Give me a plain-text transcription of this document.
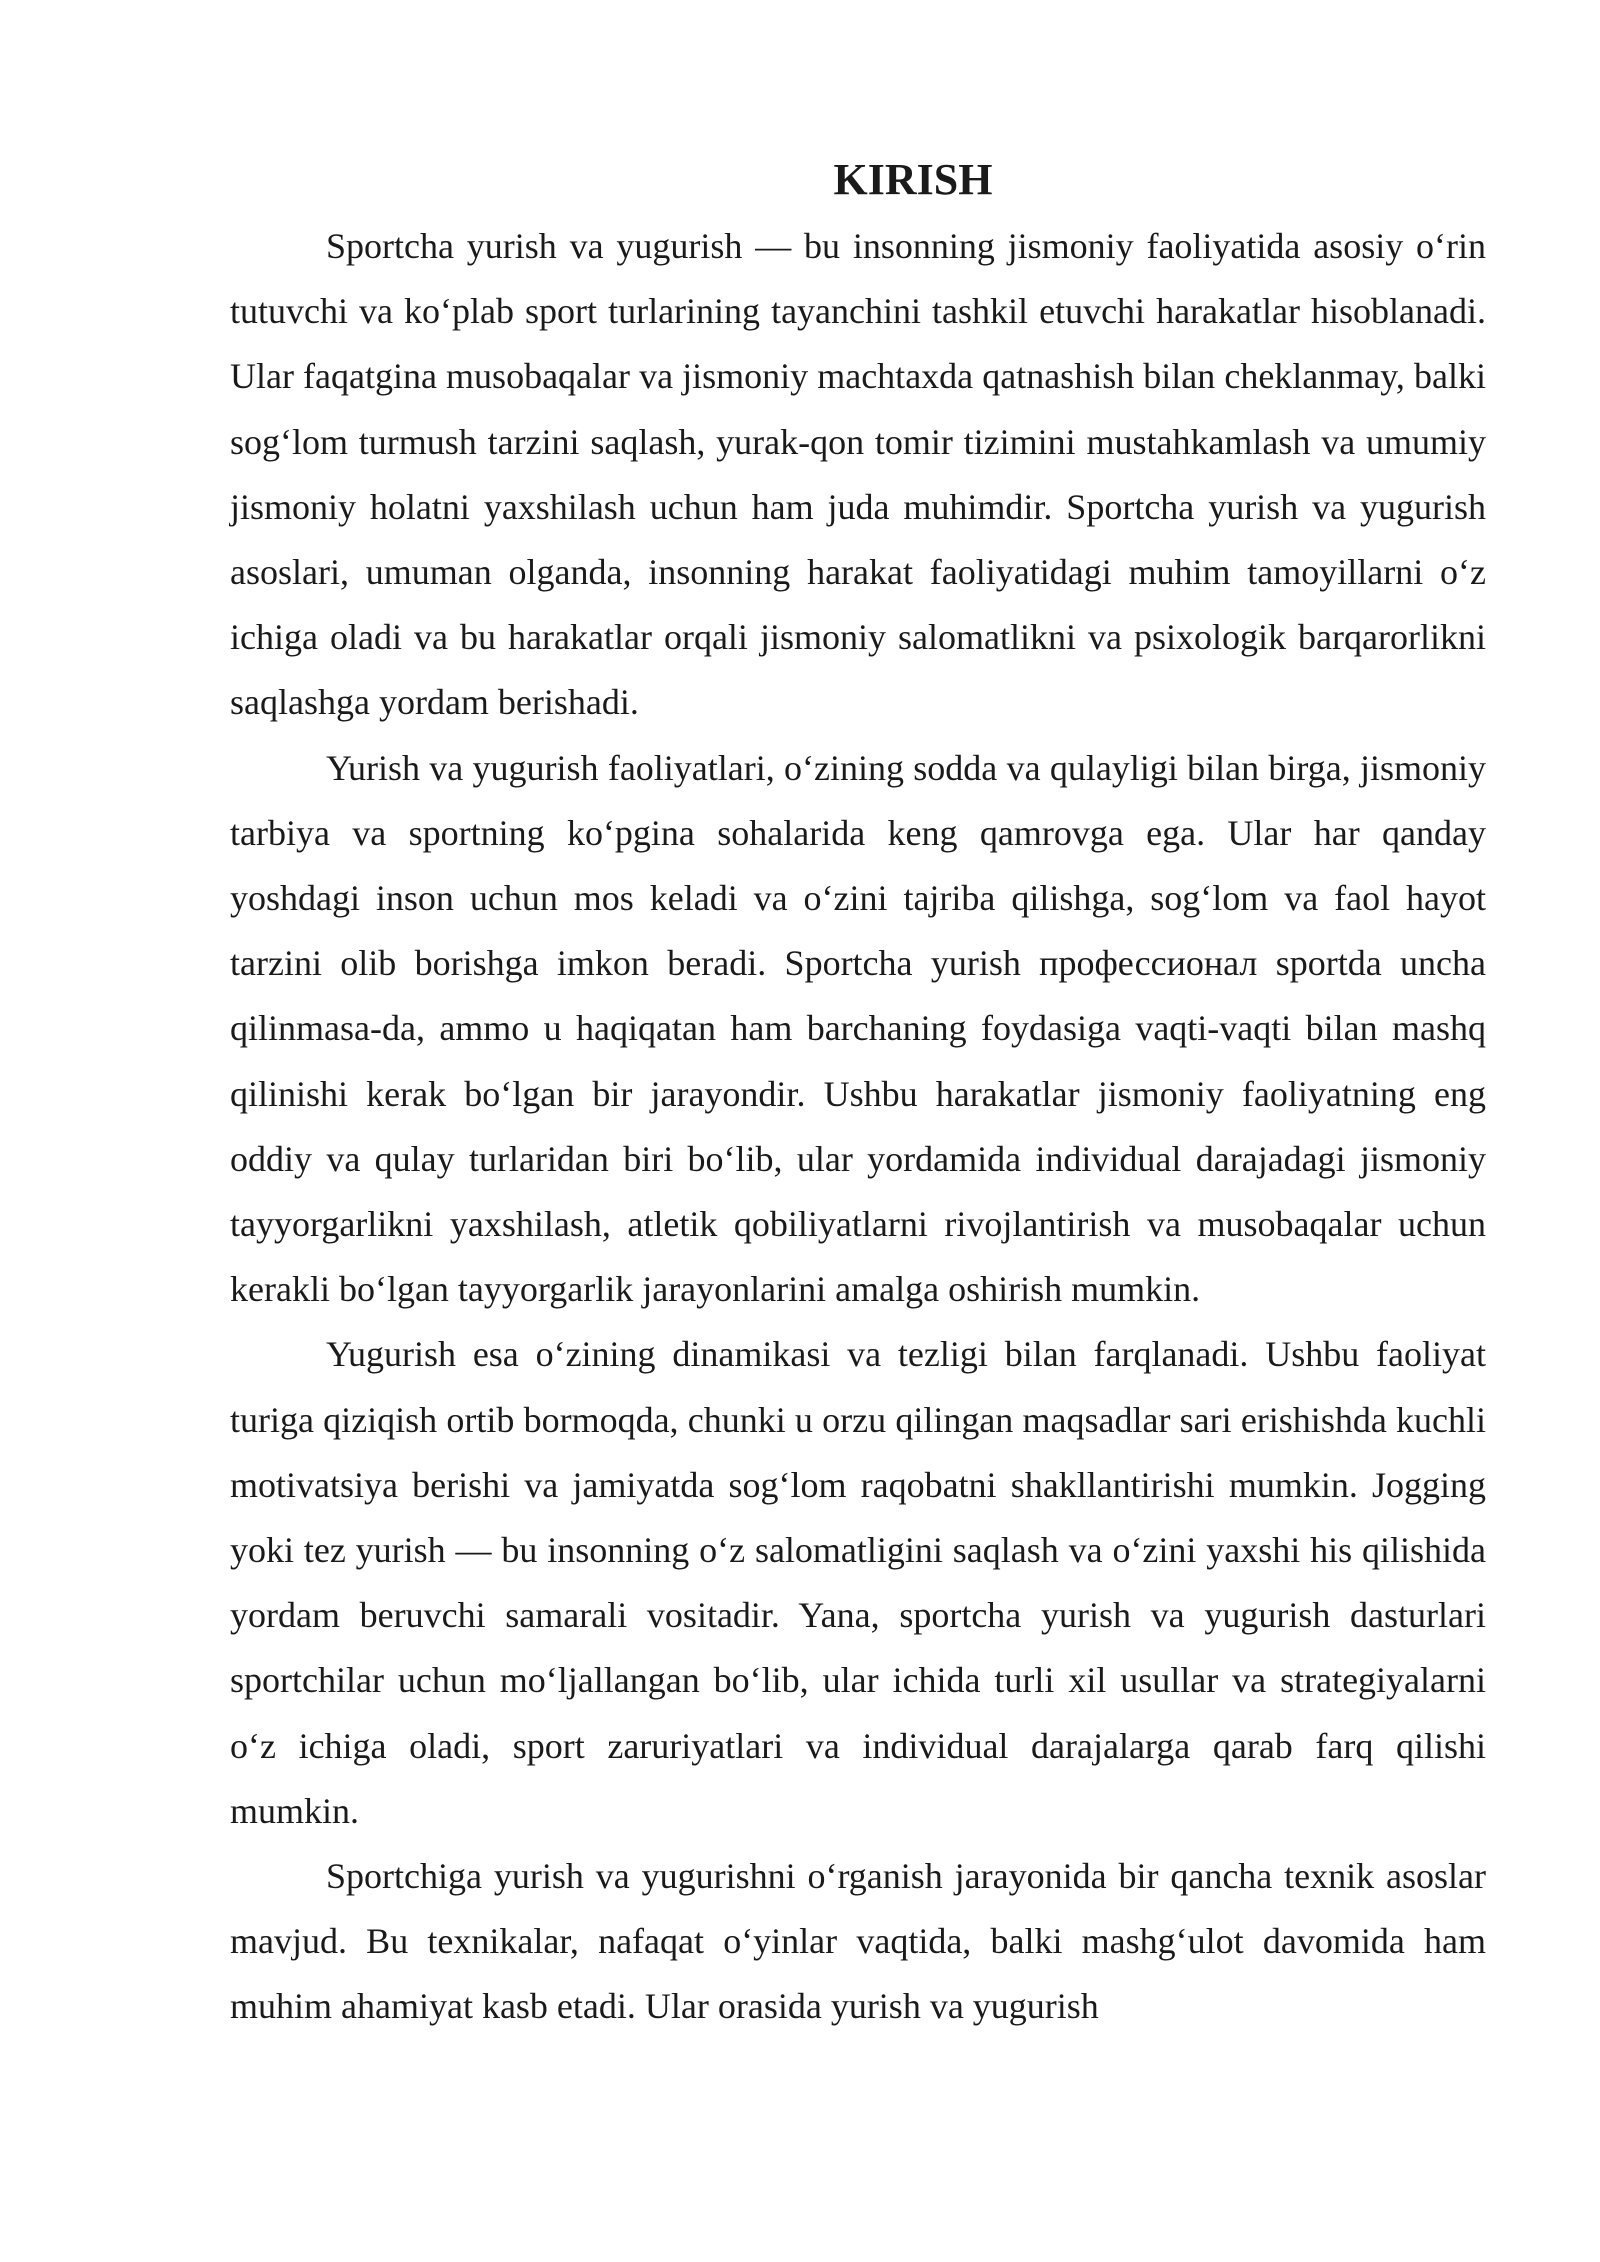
KIRISH

Sportcha yurish va yugurish — bu insonning jismoniy faoliyatida asosiy o‘rin tutuvchi va ko‘plab sport turlarining tayanchini tashkil etuvchi harakatlar hisoblanadi. Ular faqatgina musobaqalar va jismoniy machtaxda qatnashish bilan cheklanmay, balki sog‘lom turmush tarzini saqlash, yurak-qon tomir tizimini mustahkamlash va umumiy jismoniy holatni yaxshilash uchun ham juda muhimdir. Sportcha yurish va yugurish asoslari, umuman olganda, insonning harakat faoliyatidagi muhim tamoyillarni o‘z ichiga oladi va bu harakatlar orqali jismoniy salomatlikni va psixologik barqarorlikni saqlashga yordam berishadi.

Yurish va yugurish faoliyatlari, o‘zining sodda va qulayligi bilan birga, jismoniy tarbiya va sportning ko‘pgina sohalarida keng qamrovga ega. Ular har qanday yoshdagi inson uchun mos keladi va o‘zini tajriba qilishga, sog‘lom va faol hayot tarzini olib borishga imkon beradi. Sportcha yurish профессионал sportda uncha qilinmasa-da, ammo u haqiqatan ham barchaning foydasiga vaqti-vaqti bilan mashq qilinishi kerak bo‘lgan bir jarayondir. Ushbu harakatlar jismoniy faoliyatning eng oddiy va qulay turlaridan biri bo‘lib, ular yordamida individual darajadagi jismoniy tayyorgarlikni yaxshilash, atletik qobiliyatlarni rivojlantirish va musobaqalar uchun kerakli bo‘lgan tayyorgarlik jarayonlarini amalga oshirish mumkin.

Yugurish esa o‘zining dinamikasi va tezligi bilan farqlanadi. Ushbu faoliyat turiga qiziqish ortib bormoqda, chunki u orzu qilingan maqsadlar sari erishishda kuchli motivatsiya berishi va jamiyatda sog‘lom raqobatni shakllantirishi mumkin. Jogging yoki tez yurish — bu insonning o‘z salomatligini saqlash va o‘zini yaxshi his qilishida yordam beruvchi samarali vositadir. Yana, sportcha yurish va yugurish dasturlari sportchilar uchun mo‘ljallangan bo‘lib, ular ichida turli xil usullar va strategiyalarni o‘z ichiga oladi, sport zaruriyatlari va individual darajalarga qarab farq qilishi mumkin.

Sportchiga yurish va yugurishni o‘rganish jarayonida bir qancha texnik asoslar mavjud. Bu texnikalar, nafaqat o‘yinlar vaqtida, balki mashg‘ulot davomida ham muhim ahamiyat kasb etadi. Ular orasida yurish va yugurish
